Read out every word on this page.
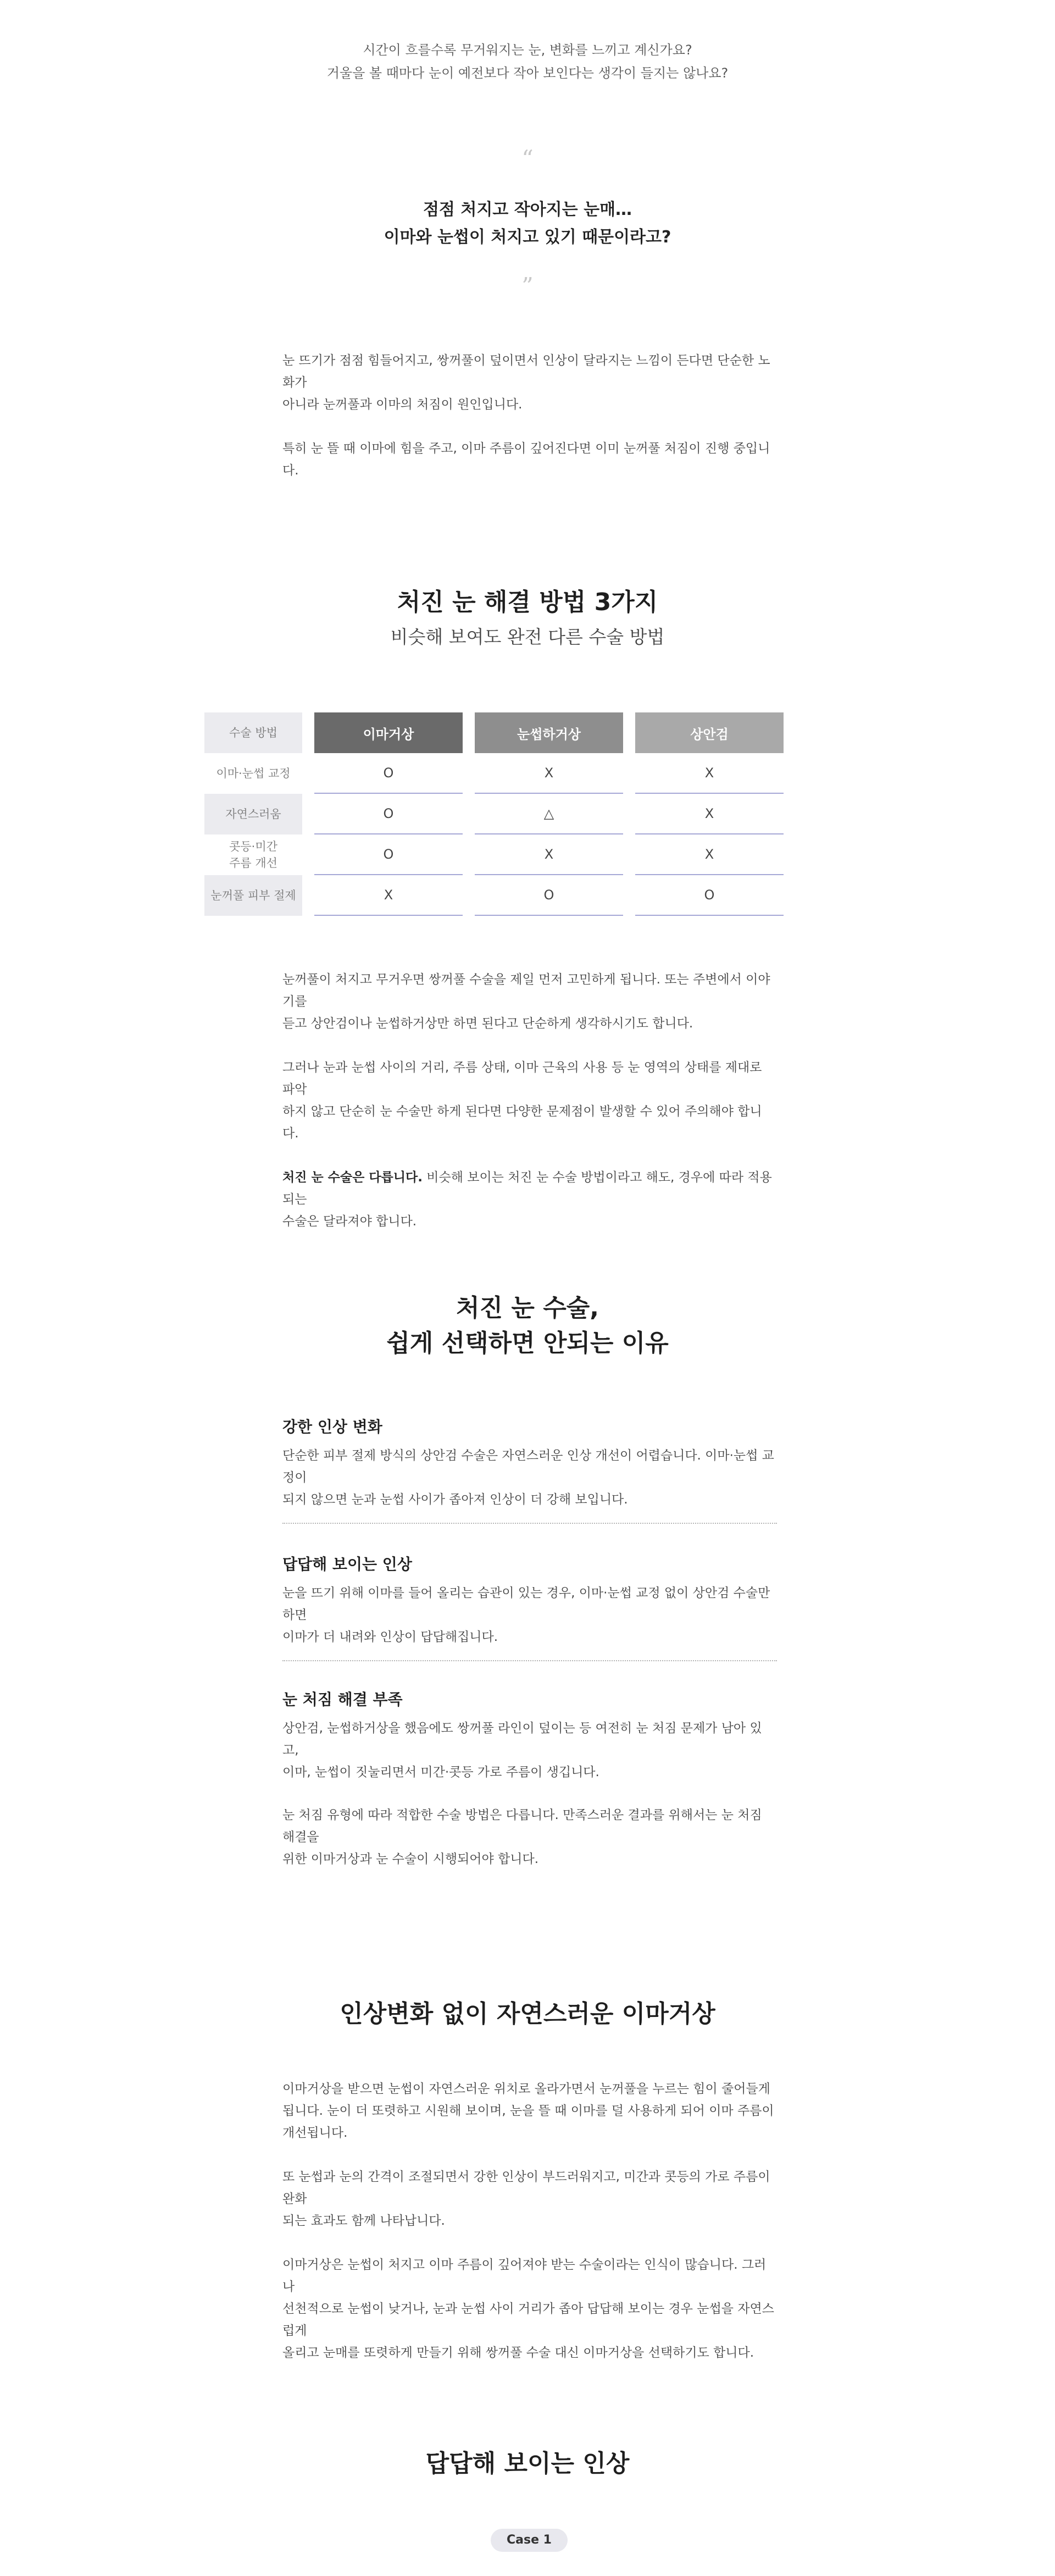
시간이 흐를수록 무거워지는 눈, 변화를 느끼고 계신가요?
거울을 볼 때마다 눈이 예전보다 작아 보인다는 생각이 들지는 않나요?
“
점점 처지고 작아지는 눈매…
이마와 눈썹이 처지고 있기 때문이라고?
”

눈 뜨기가 점점 힘들어지고, 쌍꺼풀이 덮이면서 인상이 달라지는 느낌이 든다면 단순한 노화가
아니라 눈꺼풀과 이마의 처짐이 원인입니다.

특히 눈 뜰 때 이마에 힘을 주고, 이마 주름이 깊어진다면 이미 눈꺼풀 처짐이 진행 중입니다.

처진 눈 해결 방법 3가지
비슷해 보여도 완전 다른 수술 방법
수술 방법		이마거상		눈썹하거상		상안검
이마·눈썹 교정		O		X		X
자연스러움		O		△		X

콧등·미간
주름 개선		O		X		X
눈꺼풀 피부 절제		X		O		O

눈꺼풀이 처지고 무거우면 쌍꺼풀 수술을 제일 먼저 고민하게 됩니다. 또는 주변에서 이야기를
듣고 상안검이나 눈썹하거상만 하면 된다고 단순하게 생각하시기도 합니다.

그러나 눈과 눈썹 사이의 거리, 주름 상태, 이마 근육의 사용 등 눈 영역의 상태를 제대로 파악
하지 않고 단순히 눈 수술만 하게 된다면 다양한 문제점이 발생할 수 있어 주의해야 합니다.

처진 눈 수술은 다릅니다. 비슷해 보이는 처진 눈 수술 방법이라고 해도, 경우에 따라 적용되는
수술은 달라져야 합니다.

처진 눈 수술,
쉽게 선택하면 안되는 이유
강한 인상 변화

단순한 피부 절제 방식의 상안검 수술은 자연스러운 인상 개선이 어렵습니다. 이마·눈썹 교정이
되지 않으면 눈과 눈썹 사이가 좁아져 인상이 더 강해 보입니다.

답답해 보이는 인상

눈을 뜨기 위해 이마를 들어 올리는 습관이 있는 경우, 이마·눈썹 교정 없이 상안검 수술만 하면
이마가 더 내려와 인상이 답답해집니다.

눈 처짐 해결 부족

상안검, 눈썹하거상을 했음에도 쌍꺼풀 라인이 덮이는 등 여전히 눈 처짐 문제가 남아 있고,
이마, 눈썹이 짓눌리면서 미간·콧등 가로 주름이 생깁니다.

눈 처짐 유형에 따라 적합한 수술 방법은 다릅니다. 만족스러운 결과를 위해서는 눈 처짐 해결을
위한 이마거상과 눈 수술이 시행되어야 합니다.

인상변화 없이 자연스러운 이마거상

이마거상을 받으면 눈썹이 자연스러운 위치로 올라가면서 눈꺼풀을 누르는 힘이 줄어들게
됩니다. 눈이 더 또렷하고 시원해 보이며, 눈을 뜰 때 이마를 덜 사용하게 되어 이마 주름이
개선됩니다.

또 눈썹과 눈의 간격이 조절되면서 강한 인상이 부드러워지고, 미간과 콧등의 가로 주름이 완화
되는 효과도 함께 나타납니다.

이마거상은 눈썹이 처지고 이마 주름이 깊어져야 받는 수술이라는 인식이 많습니다. 그러나
선천적으로 눈썹이 낮거나, 눈과 눈썹 사이 거리가 좁아 답답해 보이는 경우 눈썹을 자연스럽게
올리고 눈매를 또렷하게 만들기 위해 쌍꺼풀 수술 대신 이마거상을 선택하기도 합니다.

답답해 보이는 인상
Case 1
